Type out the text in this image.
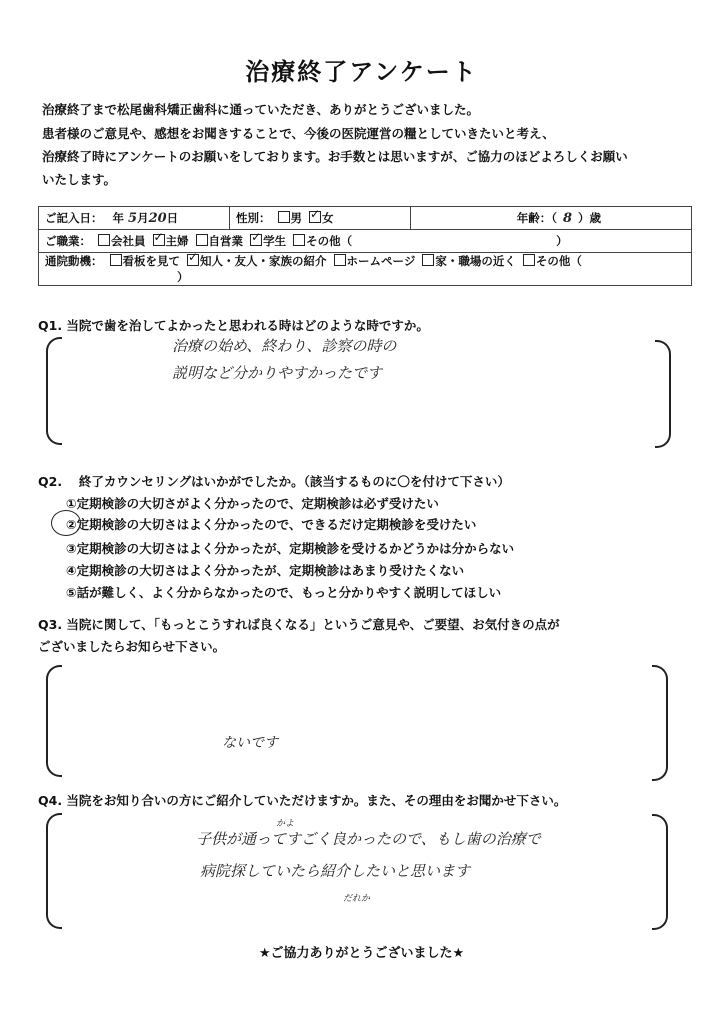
治療終了アンケート
治療終了まで松尾歯科矯正歯科に通っていただき、ありがとうございました。
患者様のご意見や、感想をお聞きすることで、今後の医院運営の糧としていきたいと考え、
治療終了時にアンケートのお願いをしております。お手数とは思いますが、ご協力のほどよろしくお願い
いたします。
ご記入日： 年 5月20日	性別： 男 ✓ 女	年齢：（ 8 ）歳
ご職業： 会社員 ✓ 主婦 自営業 ✓ 学生 その他（	）
通院動機： 看板を見て ✓ 知人・友人・家族の紹介 ホームページ 家・職場の近く その他（ ）
Q1. 当院で歯を治してよかったと思われる時はどのような時ですか。
治療の始め、終わり、診察の時の
説明など分かりやすかったです
Q2.　 終了カウンセリングはいかがでしたか。（該当するものに〇を付けて下さい）
①定期検診の大切さがよく分かったので、定期検診は必ず受けたい
②定期検診の大切さはよく分かったので、できるだけ定期検診を受けたい
③定期検診の大切さはよく分かったが、定期検診を受けるかどうかは分からない
④定期検診の大切さはよく分かったが、定期検診はあまり受けたくない
⑤話が難しく、よく分からなかったので、もっと分かりやすく説明してほしい
Q3. 当院に関して、「もっとこうすれば良くなる」というご意見や、ご要望、お気付きの点が
ございましたらお知らせ下さい。
ないです
Q4. 当院をお知り合いの方にご紹介していただけますか。また、その理由をお聞かせ下さい。
かよ
子供が通ってすごく良かったので、もし歯の治療で
病院探していたら紹介したいと思います
だれか
★ご協力ありがとうございました★
